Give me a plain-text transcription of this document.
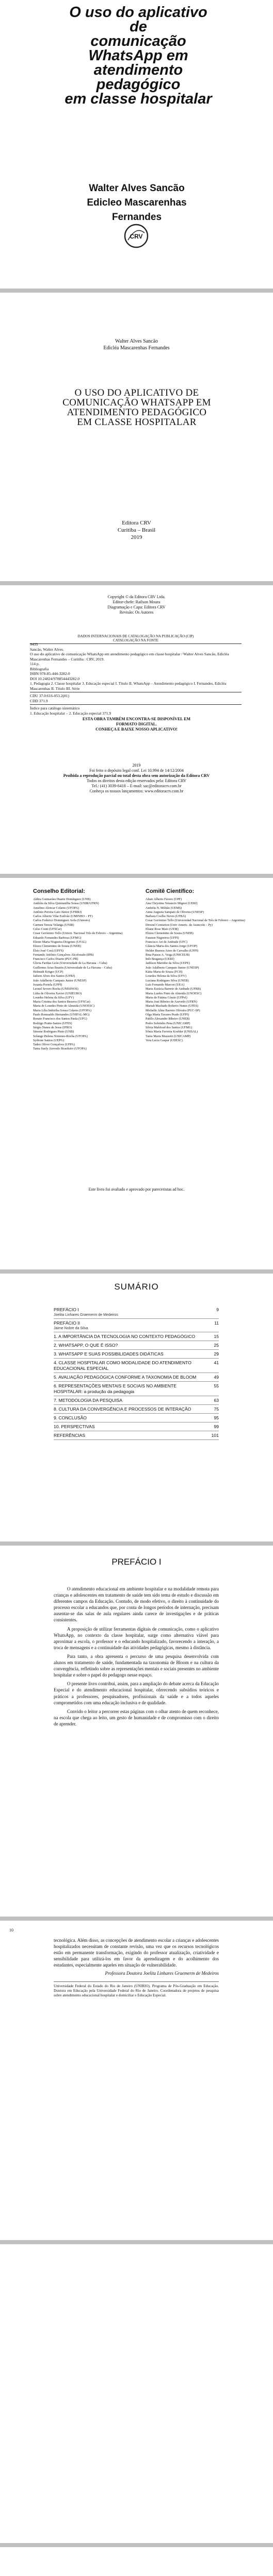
O uso do aplicativo de
comunicação WhatsApp em
atendimento pedagógico
em classe hospitalar
Walter Alves Sancão
Edicleo Mascarenhas Fernandes
CRV
Walter Alves Sancão
Edicléa Mascarenhas Fernandes
O USO DO APLICATIVO DE
COMUNICAÇÃO WHATSAPP EM
ATENDIMENTO PEDAGÓGICO
EM CLASSE HOSPITALAR
Editora CRV
Curitiba – Brasil
2019
Copyright © da Editora CRV Ltda.
Editor-chefe: Railson Moura
Diagramação e Capa: Editora CRV
Revisão: Os Autores
DADOS INTERNACIONAIS DE CATALOGAÇÃO NA PUBLICAÇÃO (CIP)
CATALOGAÇÃO NA FONTE
S435
Sancão, Walter Alves.
O uso do aplicativo de comunicação WhatsApp em atendimento pedagógico em classe hospitalar / Walter Alves Sancão, Edicléa Mascarenhas Fernandes – Curitiba : CRV, 2019.
114 p.
Bibliografia
ISBN 978-85-444-3282-0
DOI 10.24824/978854443282.0
1. Pedagogia 2. Classe hospitalar 3. Educação especial I. Título II. WhatsApp – Atendimento pedagógico I. Fernandes, Edicléa Mascarenhas II. Título III. Série
CDU 37.0:616-053.2(81)
CDD 371.9
Índice para catálogo sistemático
1. Educação hospitalar – 2. Educação especial 371.9
ESTA OBRA TAMBÉM ENCONTRA-SE DISPONÍVEL EM
FORMATO DIGITAL.
CONHEÇA E BAIXE NOSSO APLICATIVO!
2019
Foi feito o depósito legal conf. Lei 10.994 de 14/12/2004
Proibida a reprodução parcial ou total desta obra sem autorização da Editora CRV
Todos os direitos desta edição reservados pela: Editora CRV
Tel.: (41) 3039-6418 – E-mail: sac@editoracrv.com.br
Conheça os nossos lançamentos: www.editoracrv.com.br
Conselho Editorial:	Comitê Científico:
Aldira Guimarães Duarte Domínguez (UNB)
Andréia da Silva Quintanilha Sousa (UNIR/UFRN)
Anselmo Alencar Colares (UFOPA)
Antônio Pereira Gaio Júnior (UFRRJ)
Carlos Alberto Vilar Estêvão (UMINHO – PT)
Carlos Federico Dominguez Avila (Unieuro)
Carmen Tereza Velanga (UNIR)
Celso Conti (UFSCar)
Cesar Gerónimo Tello (Univer. Nacional Três de Febrero – Argentina)
Eduardo Fernandes Barbosa (UFMG)
Elione Maria Nogueira Diogenes (UFAL)
Elizeu Clementino de Souza (UNEB)
Élsio José Corá (UFFS)
Fernando Antônio Gonçalves Alcoforado (IPB)
Francisco Carlos Duarte (PUC-PR)
Gloria Fariñas León (Universidade de La Havana – Cuba)
Guillermo Arias Beatón (Universidade de La Havana – Cuba)
Helmuth Krüger (UCP)
Jailson Alves dos Santos (UFRJ)
João Adalberto Campato Junior (UNESP)
Josania Portela (UFPI)
Leonel Severo Rocha (UNISINOS)
Lídia de Oliveira Xavier (UNIEURO)
Lourdes Helena da Silva (UFV)
Maria Cristina dos Santos Bezerra (UFSCar)
Maria de Lourdes Pinto de Almeida (UNOESC)
Maria Lília Imbiriba Sousa Colares (UFOPA)
Paulo Romualdo Hernandes (UNIFAL-MG)
Renato Francisco dos Santos Paula (UFG)
Rodrigo Pratte-Santos (UFES)
Sérgio Nunes de Jesus (IFRO)
Simone Rodrigues Pinto (UNB)
Solange Helena Ximenes-Rocha (UFOPA)
Sydione Santos (UEPG)
Tadeu Oliver Gonçalves (UFPA)
Tania Suely Azevedo Brasileiro (UFOPA)
Altair Alberto Fávero (UPF)
Ana Chrystina Venancio Mignot (UERJ)
Andréia N. Militão (UEMS)
Anna Augusta Sampaio de Oliveira (UNESP)
Barbara Coelho Neves (UFBA)
Cesar Gerónimo Tello (Universidad Nacional de Três de Febrero – Argentina)
Diosnel Centurion (Univ Americ. de Asunción – Py)
Eliane Rose Maio (UEM)
Elizeu Clementino de Souza (UNEB)
Fauston Negreiros (UFPI)
Francisco Ari de Andrade (UFC)
Gláucia Maria dos Santos Jorge (UFOP)
Helder Buenos Aires de Carvalho (UFPI)
Ilma Passos A. Veiga (UNICEUB)
Inês Bragança (UERJ)
Jadilson Marinho da Silva (UEPE)
João Adalberto Campato Junior (UNESP)
Kátia Maria de Souza (FCH)
Lourdes Helena da Silva (UFV)
Luciana Rodrigues Silva (UNEB)
Luís Fernando Marcon (UEA)
Maria Eurácia Barreto de Andrade (UFRB)
Maria Lurdes Pinto de Almeida (UNOESC)
Maria de Fátima Cóssio (UFPel)
Maria José Ribeiro de Azevedo (UFRN)
Mariah Machado Roberto Nunes (UFES)
Michelle Aline Barreto Oliveira (PUC-SP)
Olga Maria Tavares Prado (UFPI)
Pabllo Alexandre Ribeiro (UNEB)
Pedro Sobrinho Pena (UNICAMP)
Sílvia Mahfoud dos Santos (UFMG)
Sônia Maria Ferreira Koehler (UNISAL)
Tania Maria Mazzetti (UNICAMP)
Vera Lucia Gaspar (UDESC)
Este livro foi avaliado e aprovado por pareceristas ad hoc.
SUMÁRIO
PREFÁCIO I
Joelita Linhares Graemerm de Medeiros
9
PREFÁCIO II
Jaime Nobre da Silva
11
1. A IMPORTÂNCIA DA TECNOLOGIA NO CONTEXTO PEDAGÓGICO	15
2. WHATSAPP, O QUE É ISSO?	25
3. WHATSAPP E SUAS POSSIBILIDADES DIDÁTICAS	29
4. CLASSE HOSPITALAR COMO MODALIDADE DO ATENDIMENTO EDUCACIONAL ESPECIAL
41
5. AVALIAÇÃO PEDAGÓGICA CONFORME A TAXONOMIA DE BLOOM	49
6. REPRESENTAÇÕES MENTAIS E SOCIAIS NO AMBIENTE HOSPITALAR: a produção da pedagogia
55
7. METODOLOGIA DA PESQUISA	63
8. CULTURA DA CONVERGÊNCIA E PROCESSOS DE INTERAÇÃO	75
9. CONCLUSÃO	95
10. PERSPECTIVAS	99
REFERÊNCIAS	101
PREFÁCIO I

O atendimento educacional em ambiente hospitalar e na modalidade remota para crianças e adolescentes em tratamento de saúde tem sido tema de estudo e discussão em diferentes campos da Educação. Contudo, de modo efetivo, o direito à continuidade do processo escolar a educandos que, por conta de longos períodos de internação, precisam ausentar-se das salas de aula regulares ainda carece de investigações e de práticas consistentes.

A proposição de utilizar ferramentas digitais de comunicação, como o aplicativo WhatsApp, no contexto da classe hospitalar, surge como alternativa viável para aproximar a escola, o professor e o educando hospitalizado, favorecendo a interação, a troca de mensagens e a continuidade das atividades pedagógicas, mesmo à distância.

Para tanto, a obra apresenta o percurso de uma pesquisa desenvolvida com alunos em tratamento de saúde, fundamentada na taxonomia de Bloom e na cultura da convergência, refletindo sobre as representações mentais e sociais presentes no ambiente hospitalar e sobre o papel do pedagogo nesse espaço.

O presente livro contribui, assim, para a ampliação do debate acerca da Educação Especial e do atendimento educacional hospitalar, oferecendo subsídios teóricos e práticos a professores, pesquisadores, profissionais da saúde e a todos aqueles comprometidos com uma educação inclusiva e de qualidade.

Convido o leitor a percorrer estas páginas com o olhar atento de quem reconhece, na escola que chega ao leito, um gesto de humanidade e de compromisso com o direito de aprender.

10

tecnológica. Além disso, as concepções de atendimento escolar a crianças e adolescentes hospitalizados necessitam de constante revisão, uma vez que os recursos tecnológicos estão em permanente transformação, exigindo do professor atualização, criatividade e sensibilidade para utilizá-los em favor da aprendizagem e do acolhimento dos estudantes, especialmente aqueles em situação de vulnerabilidade.

Professora Doutora Joelita Linhares Graemerm de Medeiros
Universidade Federal do Estado do Rio de Janeiro (UNIRIO). Programa de Pós-Graduação em Educação. Doutora em Educação pela Universidade Federal do Rio de Janeiro. Coordenadora de projetos de pesquisa sobre atendimento educacional hospitalar e domiciliar e Educação Especial.
